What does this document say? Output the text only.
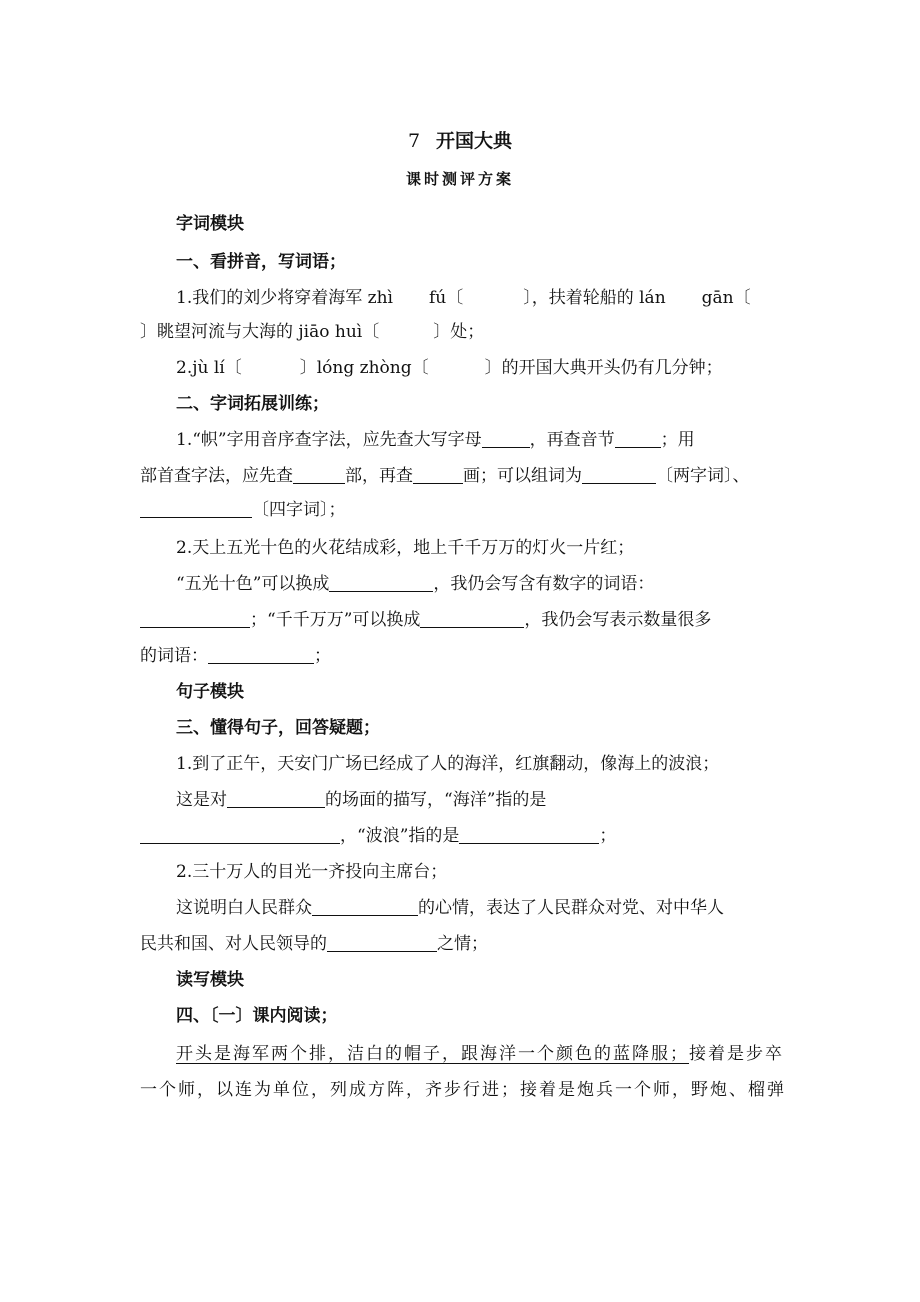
7 开国大典
课时测评方案
字词模块
一、看拼音，写词语；
1.我们的刘少将穿着海军 zhì fú〔	〕，扶着轮船的 lán gān〔
〕眺望河流与大海的 jiāo huì〔	〕处；
2.jù lí〔	〕lóng zhòng〔	〕的开国大典开头仍有几分钟；
二、字词拓展训练；
1.“帜”字用音序查字法，应先查大写字母	，再查音节	；用
部首查字法，应先查	部，再查	画；可以组词为	〔两字词〕、
〔四字词〕；
2.天上五光十色的火花结成彩，地上千千万万的灯火一片红；
“五光十色”可以换成	，我仍会写含有数字的词语：
；“千千万万”可以换成	，我仍会写表示数量很多
的词语：	；
句子模块
三、懂得句子，回答疑题；
1.到了正午，天安门广场已经成了人的海洋，红旗翻动，像海上的波浪；
这是对	的场面的描写，“海洋”指的是
，“波浪”指的是	；
2.三十万人的目光一齐投向主席台；
这说明白人民群众	的心情，表达了人民群众对党、对中华人
民共和国、对人民领导的	之情；
读写模块
四、〔一〕课内阅读；
开头是海军两个排，洁白的帽子，跟海洋一个颜色的蓝降服；接着是步卒
一个师，以连为单位，列成方阵，齐步行进；接着是炮兵一个师，野炮、榴弹
